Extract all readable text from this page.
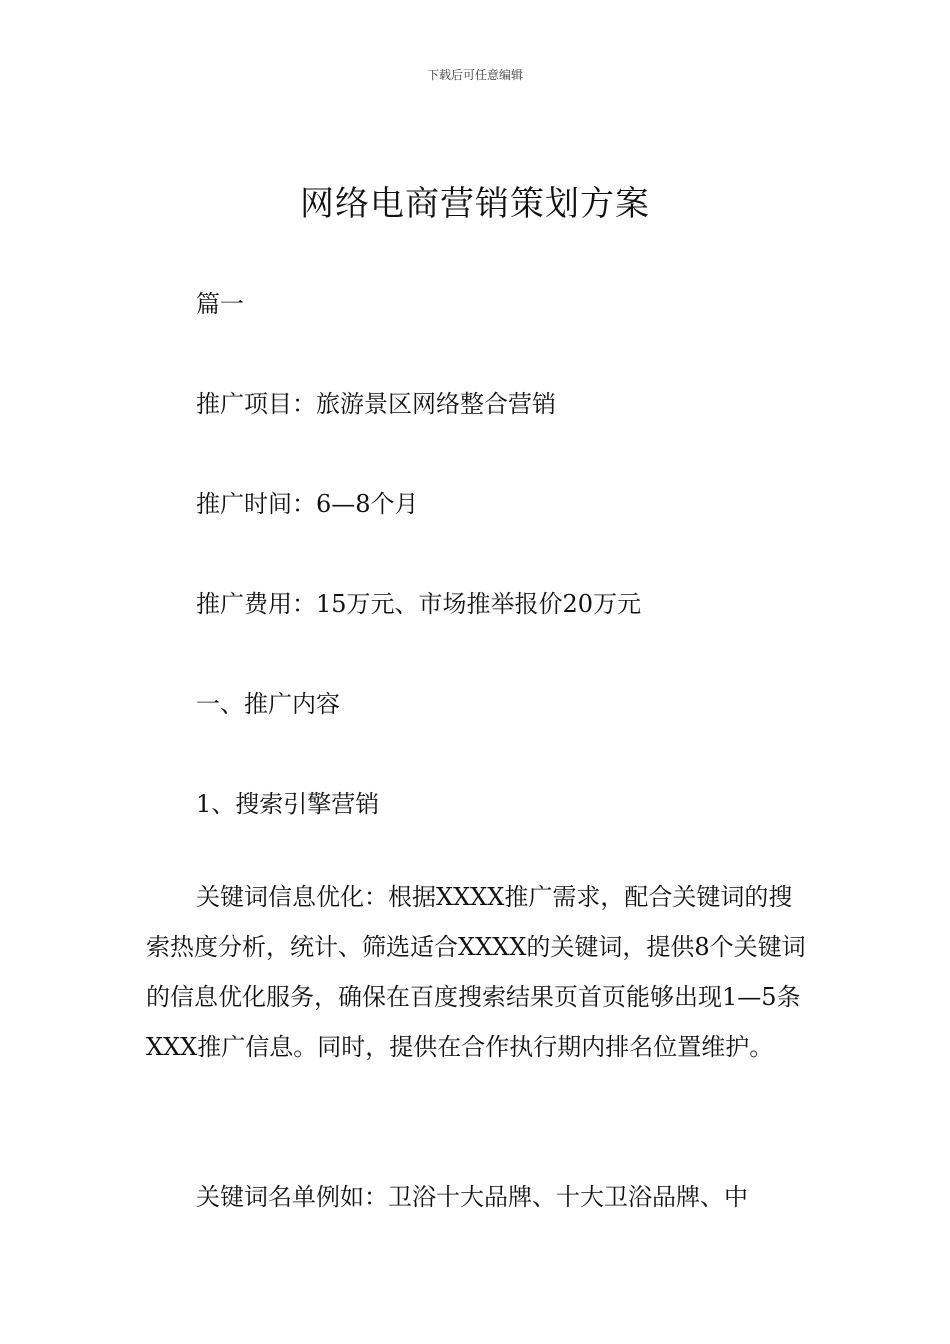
下载后可任意编辑
网络电商营销策划方案
篇一
推广项目：旅游景区网络整合营销
推广时间：6—8个月
推广费用：15万元、市场推举报价20万元
一、推广内容
1、搜索引擎营销

关键词信息优化：根据XXXX推广需求，配合关键词的搜索热度分析，统计、筛选适合XXXX的关键词，提供8个关键词的信息优化服务，确保在百度搜索结果页首页能够出现1—5条XXX推广信息。同时，提供在合作执行期内排名位置维护。

关键词名单例如：卫浴十大品牌、十大卫浴品牌、中
